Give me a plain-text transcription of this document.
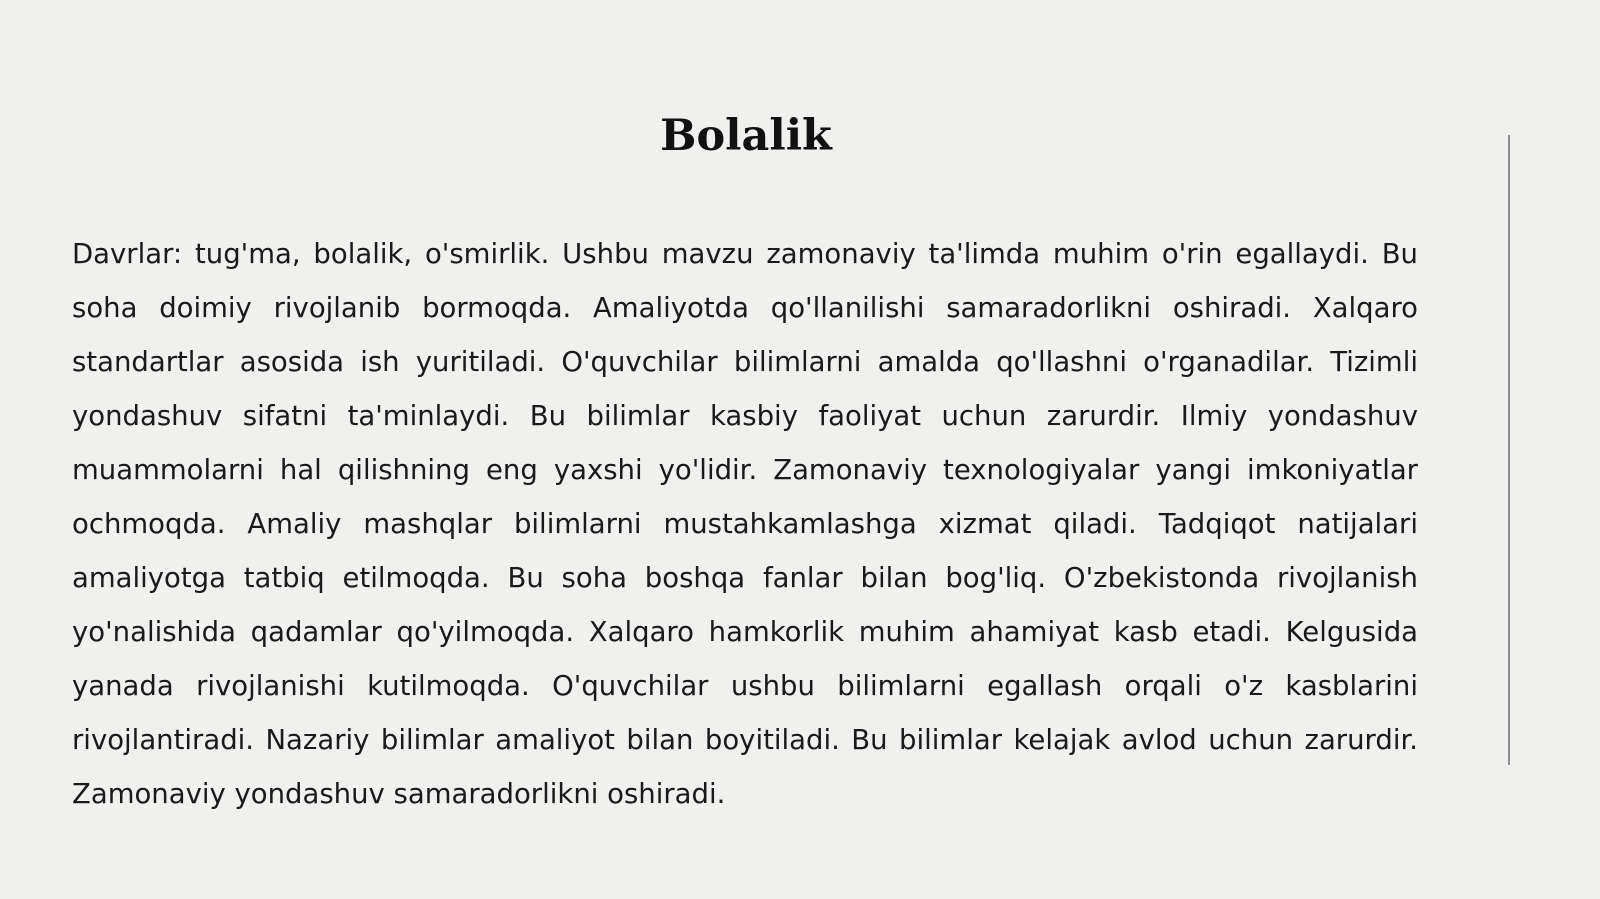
Bolalik

Davrlar: tug'ma, bolalik, o'smirlik. Ushbu mavzu zamonaviy ta'limda muhim o'rin egallaydi. Bu soha doimiy rivojlanib bormoqda. Amaliyotda qo'llanilishi samaradorlikni oshiradi. Xalqaro standartlar asosida ish yuritiladi. O'quvchilar bilimlarni amalda qo'llashni o'rganadilar. Tizimli yondashuv sifatni ta'minlaydi. Bu bilimlar kasbiy faoliyat uchun zarurdir. Ilmiy yondashuv muammolarni hal qilishning eng yaxshi yo'lidir. Zamonaviy texnologiyalar yangi imkoniyatlar ochmoqda. Amaliy mashqlar bilimlarni mustahkamlashga xizmat qiladi. Tadqiqot natijalari amaliyotga tatbiq etilmoqda. Bu soha boshqa fanlar bilan bog'liq. O'zbekistonda rivojlanish yo'nalishida qadamlar qo'yilmoqda. Xalqaro hamkorlik muhim ahamiyat kasb etadi. Kelgusida yanada rivojlanishi kutilmoqda. O'quvchilar ushbu bilimlarni egallash orqali o'z kasblarini rivojlantiradi. Nazariy bilimlar amaliyot bilan boyitiladi. Bu bilimlar kelajak avlod uchun zarurdir. Zamonaviy yondashuv samaradorlikni oshiradi.
